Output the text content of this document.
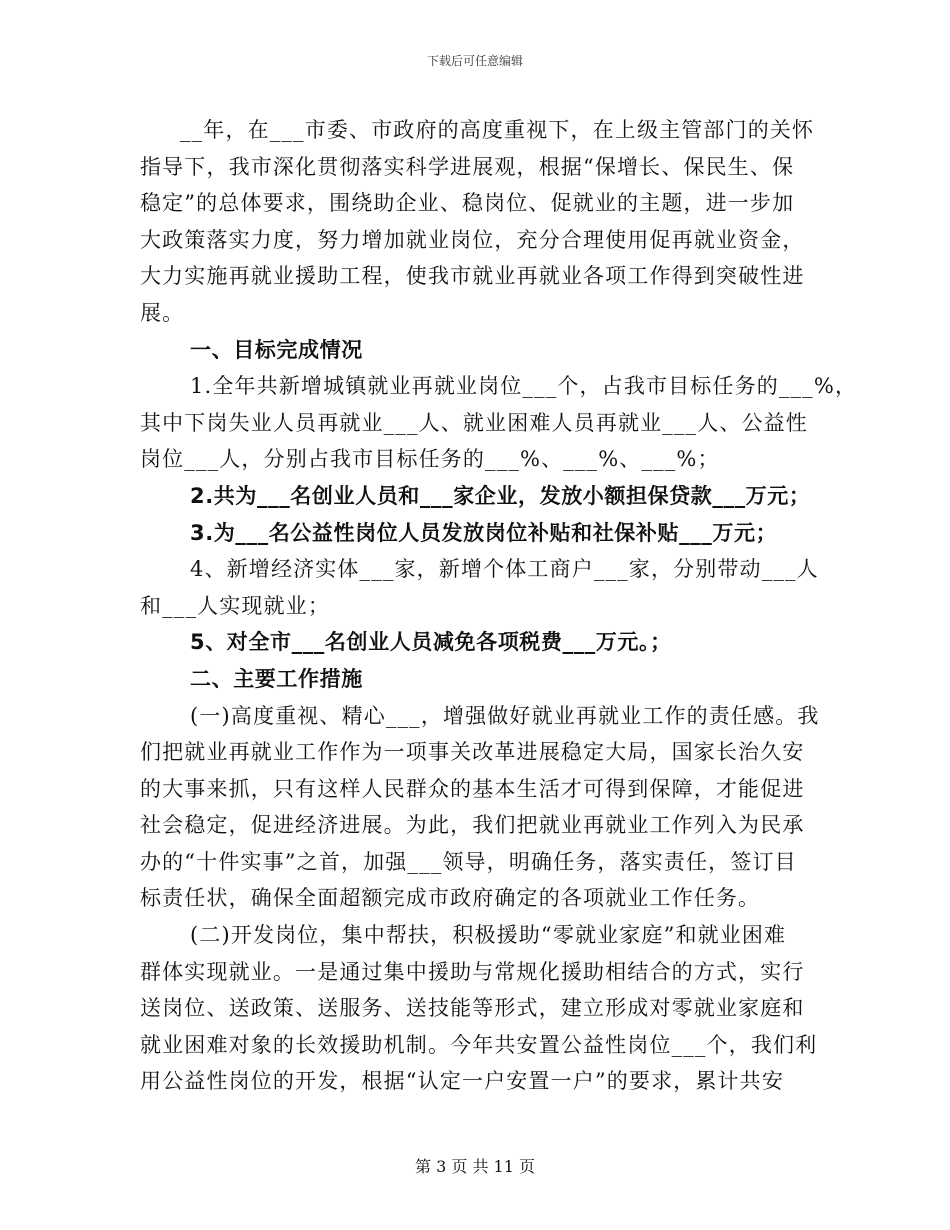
下载后可任意编辑
__年，在___市委、市政府的高度重视下，在上级主管部门的关怀
指导下，我市深化贯彻落实科学进展观，根据“保增长、保民生、保
稳定”的总体要求，围绕助企业、稳岗位、促就业的主题，进一步加
大政策落实力度，努力增加就业岗位，充分合理使用促再就业资金，
大力实施再就业援助工程，使我市就业再就业各项工作得到突破性进
展。
一、目标完成情况
1.全年共新增城镇就业再就业岗位___个，占我市目标任务的___%，
其中下岗失业人员再就业___人、就业困难人员再就业___人、公益性
岗位___人，分别占我市目标任务的___%、___%、___%；
2.共为___名创业人员和___家企业，发放小额担保贷款___万元；
3.为___名公益性岗位人员发放岗位补贴和社保补贴___万元；
4、新增经济实体___家，新增个体工商户___家，分别带动___人
和___人实现就业；
5、对全市___名创业人员减免各项税费___万元。；
二、主要工作措施
(一)高度重视、精心___，增强做好就业再就业工作的责任感。我
们把就业再就业工作作为一项事关改革进展稳定大局，国家长治久安
的大事来抓，只有这样人民群众的基本生活才可得到保障，才能促进
社会稳定，促进经济进展。为此，我们把就业再就业工作列入为民承
办的“十件实事”之首，加强___领导，明确任务，落实责任，签订目
标责任状，确保全面超额完成市政府确定的各项就业工作任务。
(二)开发岗位，集中帮扶，积极援助“零就业家庭”和就业困难
群体实现就业。一是通过集中援助与常规化援助相结合的方式，实行
送岗位、送政策、送服务、送技能等形式，建立形成对零就业家庭和
就业困难对象的长效援助机制。今年共安置公益性岗位___个，我们利
用公益性岗位的开发，根据“认定一户安置一户”的要求，累计共安
第 3 页 共 11 页
